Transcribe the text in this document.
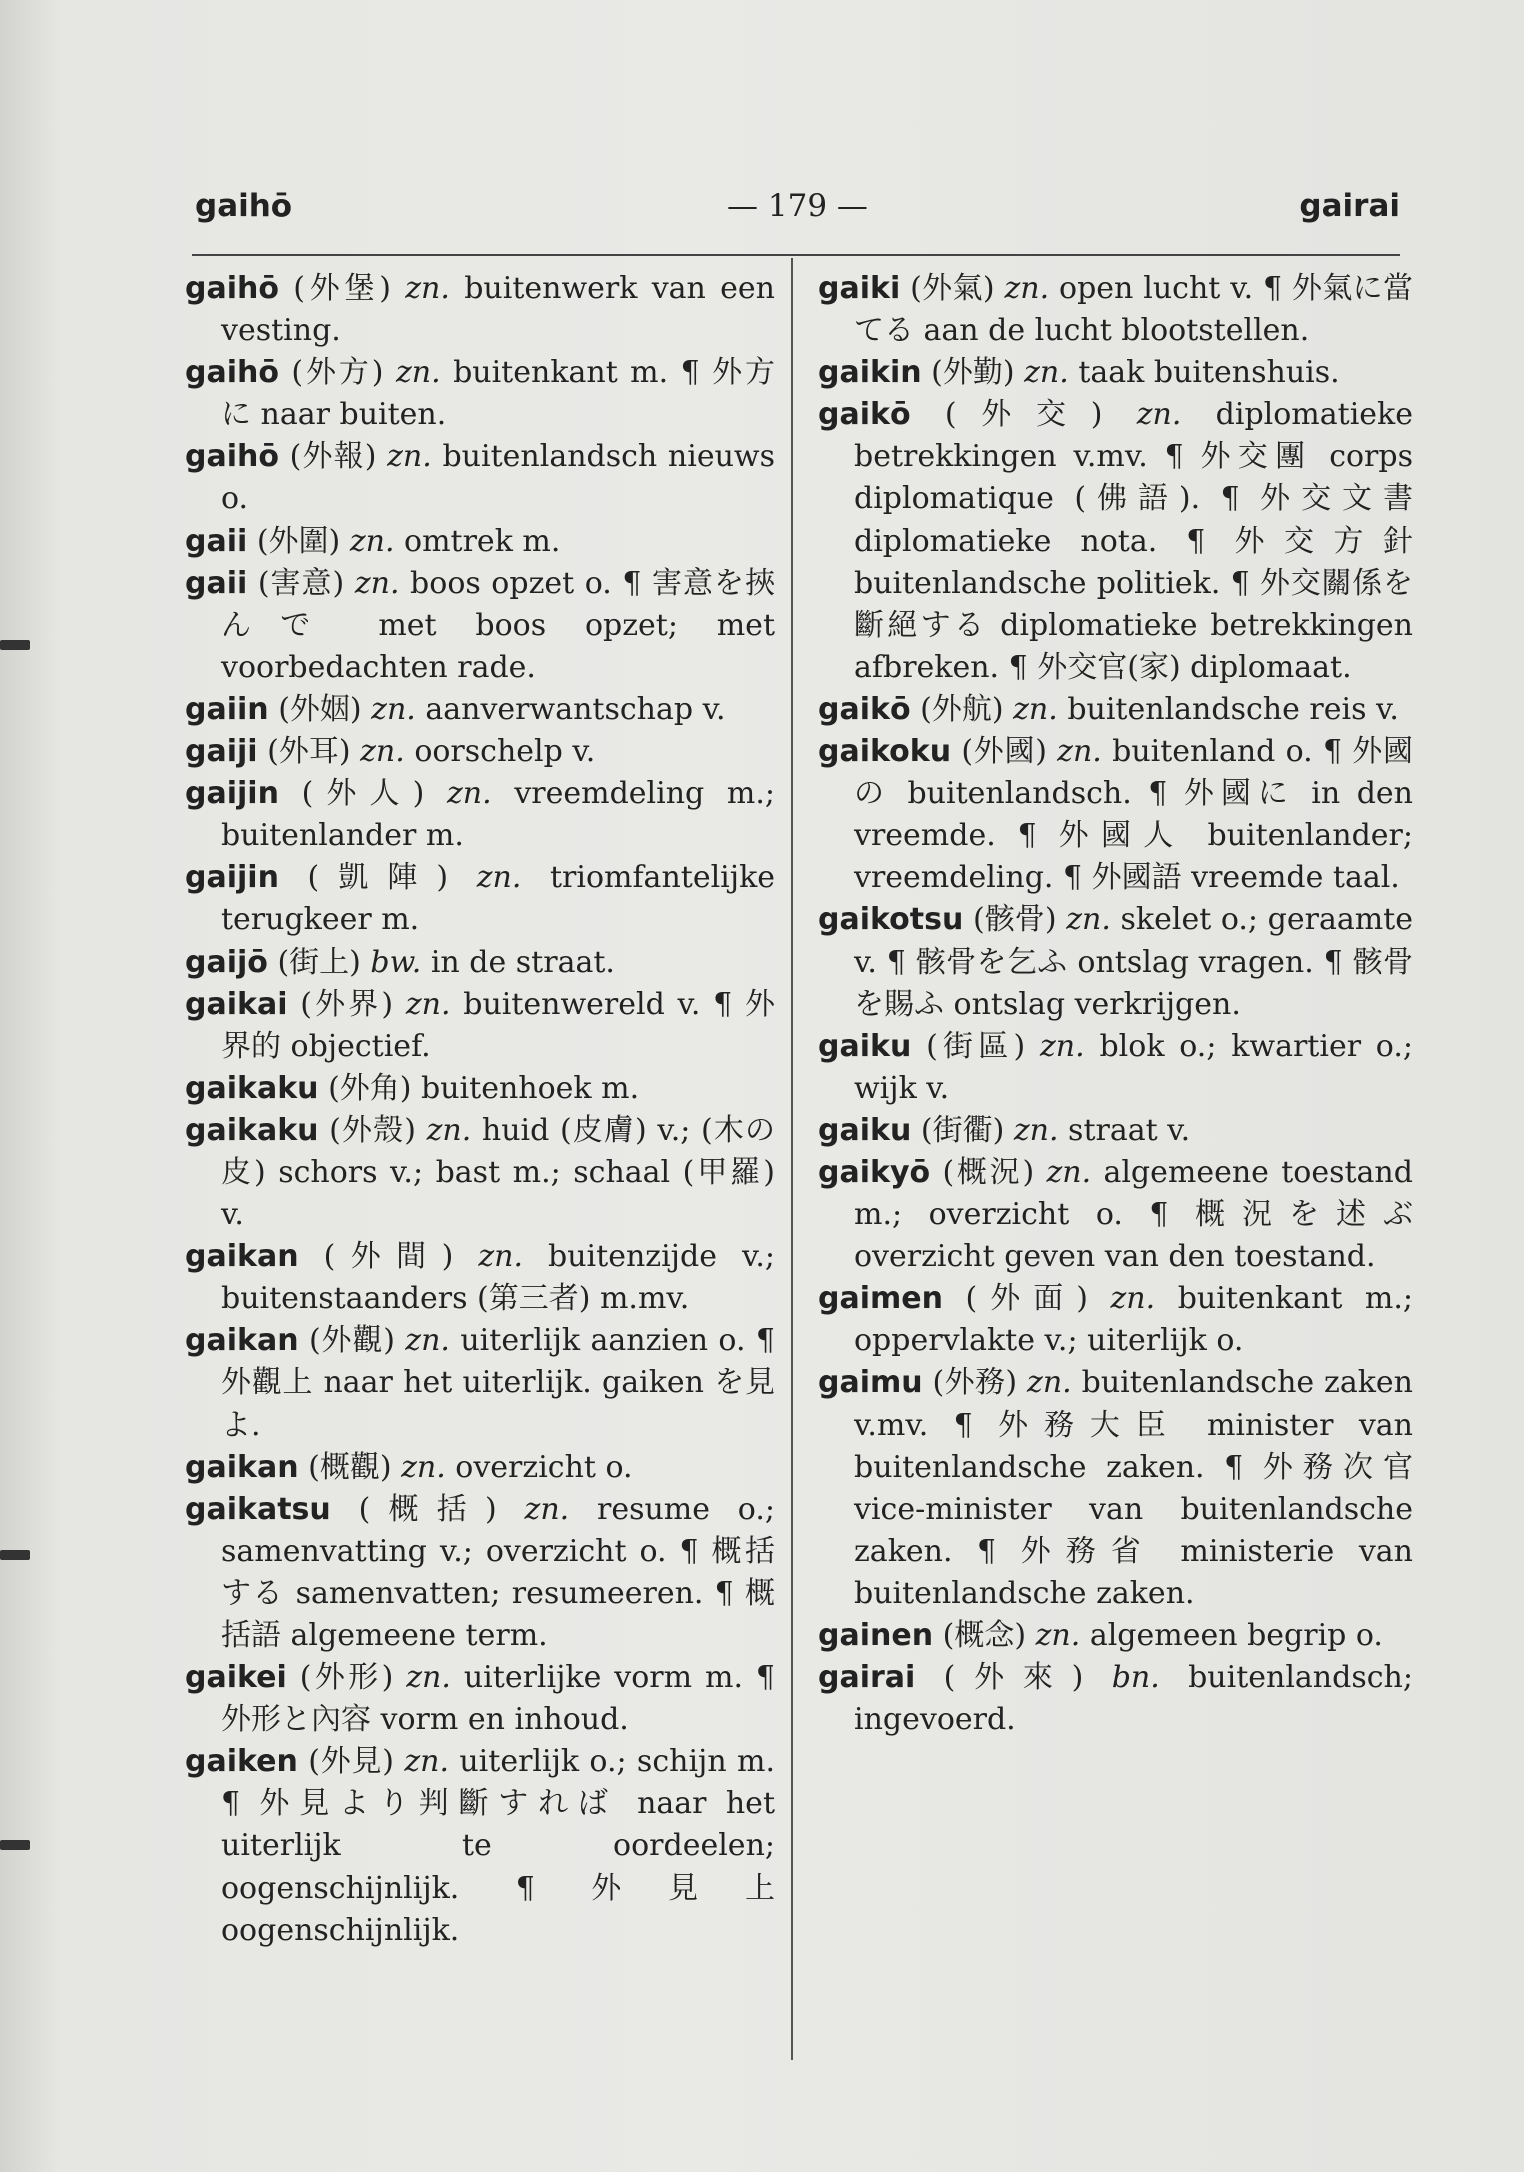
gaihō	— 179 —	gairai
gaihō (外堡) zn. buitenwerk van een vesting.
gaihō (外方) zn. buitenkant m. ¶ 外方に naar buiten.
gaihō (外報) zn. buitenlandsch nieuws o.
gaii (外圍) zn. omtrek m.
gaii (害意) zn. boos opzet o. ¶ 害意を挾んで met boos opzet; met voorbedachten rade.
gaiin (外姻) zn. aanverwantschap v.
gaiji (外耳) zn. oorschelp v.
gaijin (外人) zn. vreemdeling m.; buitenlander m.
gaijin (凱陣) zn. triomfantelijke terugkeer m.
gaijō (街上) bw. in de straat.
gaikai (外界) zn. buitenwereld v. ¶ 外界的 objectief.
gaikaku (外角) buitenhoek m.
gaikaku (外殼) zn. huid (皮膚) v.; (木の皮) schors v.; bast m.; schaal (甲羅) v.
gaikan (外間) zn. buitenzijde v.; buitenstaanders (第三者) m.mv.
gaikan (外觀) zn. uiterlijk aanzien o. ¶ 外觀上 naar het uiterlijk. gaiken を見よ.
gaikan (概觀) zn. overzicht o.
gaikatsu (概括) zn. resume o.; samenvatting v.; overzicht o. ¶ 概括する samenvatten; resumeeren. ¶ 概括語 algemeene term.
gaikei (外形) zn. uiterlijke vorm m. ¶ 外形と內容 vorm en inhoud.
gaiken (外見) zn. uiterlijk o.; schijn m. ¶ 外見より判斷すれば naar het uiterlijk te oordeelen; oogenschijnlijk. ¶ 外見上 oogenschijnlijk.
gaiki (外氣) zn. open lucht v. ¶ 外氣に當てる aan de lucht blootstellen.
gaikin (外勤) zn. taak buitenshuis.
gaikō (外交) zn. diplomatieke betrekkingen v.mv. ¶ 外交團 corps diplomatique (佛語). ¶ 外交文書 diplomatieke nota. ¶ 外交方針 buitenlandsche politiek. ¶ 外交關係を斷絕する diplomatieke betrekkingen afbreken. ¶ 外交官(家) diplomaat.
gaikō (外航) zn. buitenlandsche reis v.
gaikoku (外國) zn. buitenland o. ¶ 外國の buitenlandsch. ¶ 外國に in den vreemde. ¶ 外國人 buitenlander; vreemdeling. ¶ 外國語 vreemde taal.
gaikotsu (骸骨) zn. skelet o.; geraamte v. ¶ 骸骨を乞ふ ontslag vragen. ¶ 骸骨を賜ふ ontslag verkrijgen.
gaiku (街區) zn. blok o.; kwartier o.; wijk v.
gaiku (街衢) zn. straat v.
gaikyō (概況) zn. algemeene toestand m.; overzicht o. ¶ 概況を述ぶ overzicht geven van den toestand.
gaimen (外面) zn. buitenkant m.; oppervlakte v.; uiterlijk o.
gaimu (外務) zn. buitenlandsche zaken v.mv. ¶ 外務大臣 minister van buitenlandsche zaken. ¶ 外務次官 vice-minister van buitenlandsche zaken. ¶ 外務省 ministerie van buitenlandsche zaken.
gainen (概念) zn. algemeen begrip o.
gairai (外來) bn. buitenlandsch; ingevoerd.
